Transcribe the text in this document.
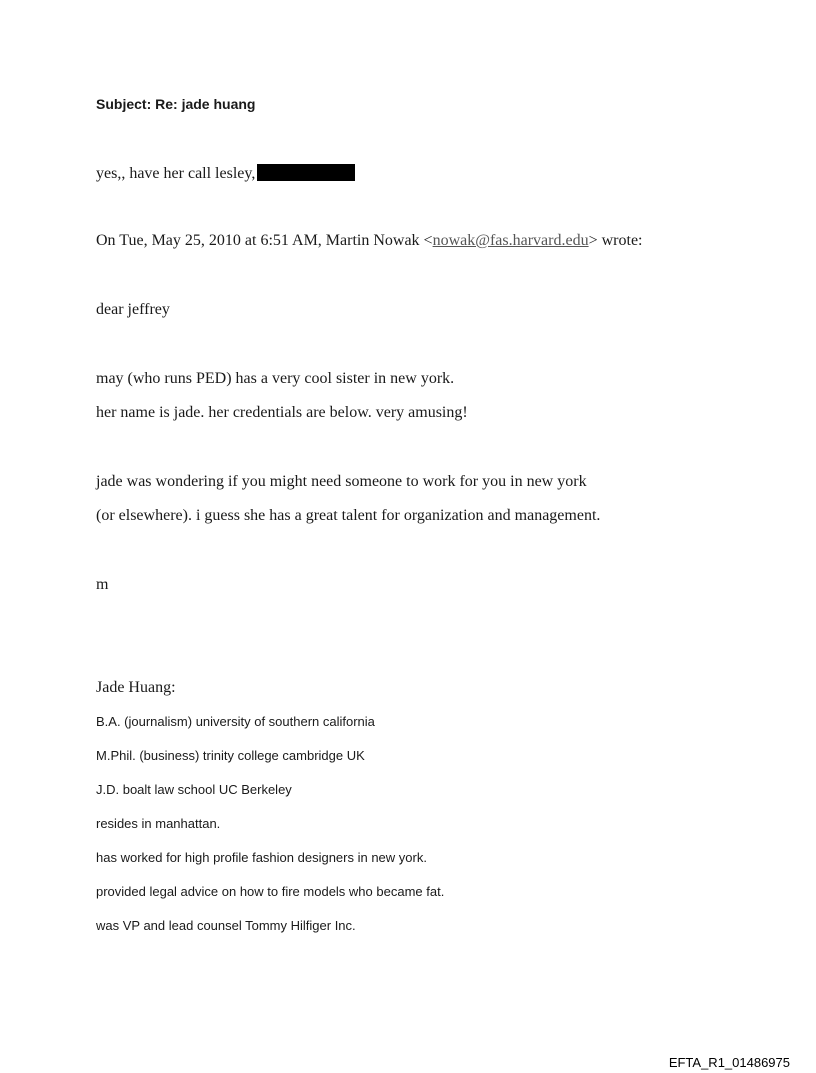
Subject: Re: jade huang
yes,, have her call lesley,
On Tue, May 25, 2010 at 6:51 AM, Martin Nowak <nowak@fas.harvard.edu> wrote:
dear jeffrey
may (who runs PED) has a very cool sister in new york.
her name is jade. her credentials are below. very amusing!
jade was wondering if you might need someone to work for you in new york
(or elsewhere). i guess she has a great talent for organization and management.
m
Jade Huang:
B.A. (journalism) university of southern california
M.Phil. (business) trinity college cambridge UK
J.D. boalt law school UC Berkeley
resides in manhattan.
has worked for high profile fashion designers in new york.
provided legal advice on how to fire models who became fat.
was VP and lead counsel Tommy Hilfiger Inc.
EFTA_R1_01486975
